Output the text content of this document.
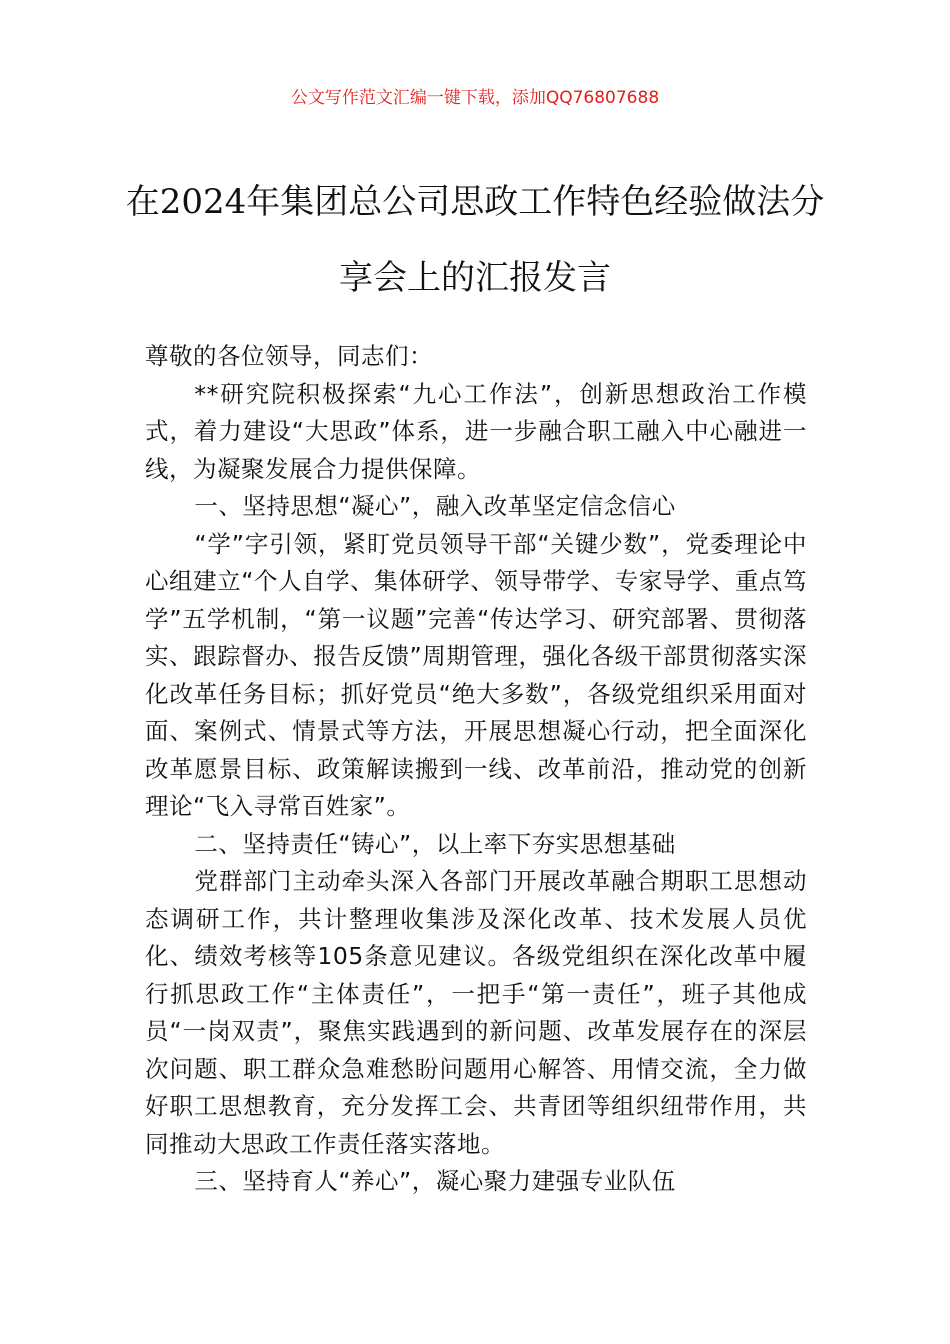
公文写作范文汇编一键下载，添加QQ76807688
在2024年集团总公司思政工作特色经验做法分享会上的汇报发言

尊敬的各位领导，同志们：

**研究院积极探索“九心工作法”，创新思想政治工作模式，着力建设“大思政”体系，进一步融合职工融入中心融进一线，为凝聚发展合力提供保障。

一、坚持思想“凝心”，融入改革坚定信念信心

“学”字引领，紧盯党员领导干部“关键少数”，党委理论中心组建立“个人自学、集体研学、领导带学、专家导学、重点笃学”五学机制，“第一议题”完善“传达学习、研究部署、贯彻落实、跟踪督办、报告反馈”周期管理，强化各级干部贯彻落实深化改革任务目标；抓好党员“绝大多数”，各级党组织采用面对面、案例式、情景式等方法，开展思想凝心行动，把全面深化改革愿景目标、政策解读搬到一线、改革前沿，推动党的创新理论“飞入寻常百姓家”。

二、坚持责任“铸心”，以上率下夯实思想基础

党群部门主动牵头深入各部门开展改革融合期职工思想动态调研工作，共计整理收集涉及深化改革、技术发展人员优化、绩效考核等105条意见建议。各级党组织在深化改革中履行抓思政工作“主体责任”，一把手“第一责任”，班子其他成员“一岗双责”，聚焦实践遇到的新问题、改革发展存在的深层次问题、职工群众急难愁盼问题用心解答、用情交流，全力做好职工思想教育，充分发挥工会、共青团等组织纽带作用，共同推动大思政工作责任落实落地。

三、坚持育人“养心”，凝心聚力建强专业队伍
